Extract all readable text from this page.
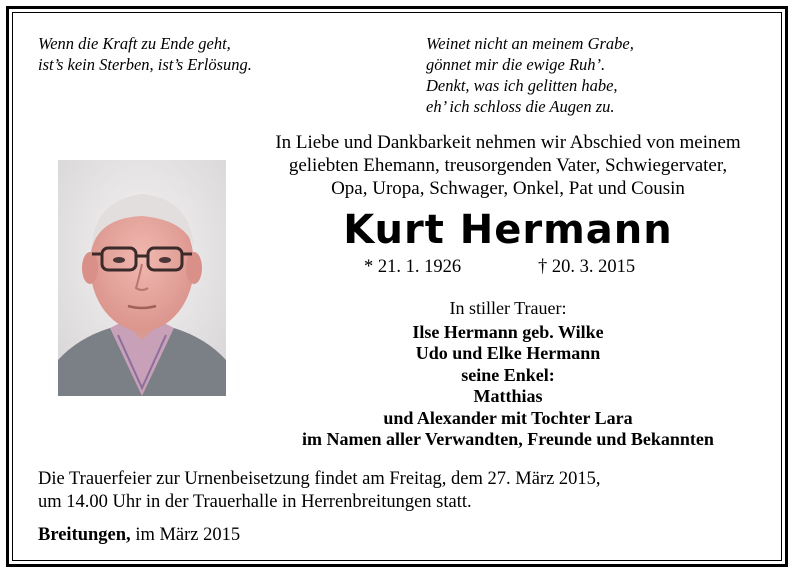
Wenn die Kraft zu Ende geht,
ist’s kein Sterben, ist’s Erlösung.
Weinet nicht an meinem Grabe,
gönnet mir die ewige Ruh’.
Denkt, was ich gelitten habe,
eh’ ich schloss die Augen zu.
In Liebe und Dankbarkeit nehmen wir Abschied von meinem
geliebten Ehemann, treusorgenden Vater, Schwiegervater,
Opa, Uropa, Schwager, Onkel, Pat und Cousin
Kurt Hermann
* 21. 1. 1926	† 20. 3. 2015
In stiller Trauer:
Ilse Hermann geb. Wilke
Udo und Elke Hermann
seine Enkel:
Matthias
und Alexander mit Tochter Lara
im Namen aller Verwandten, Freunde und Bekannten
Die Trauerfeier zur Urnenbeisetzung findet am Freitag, dem 27. März 2015,
um 14.00 Uhr in der Trauerhalle in Herrenbreitungen statt.
Breitungen, im März 2015
